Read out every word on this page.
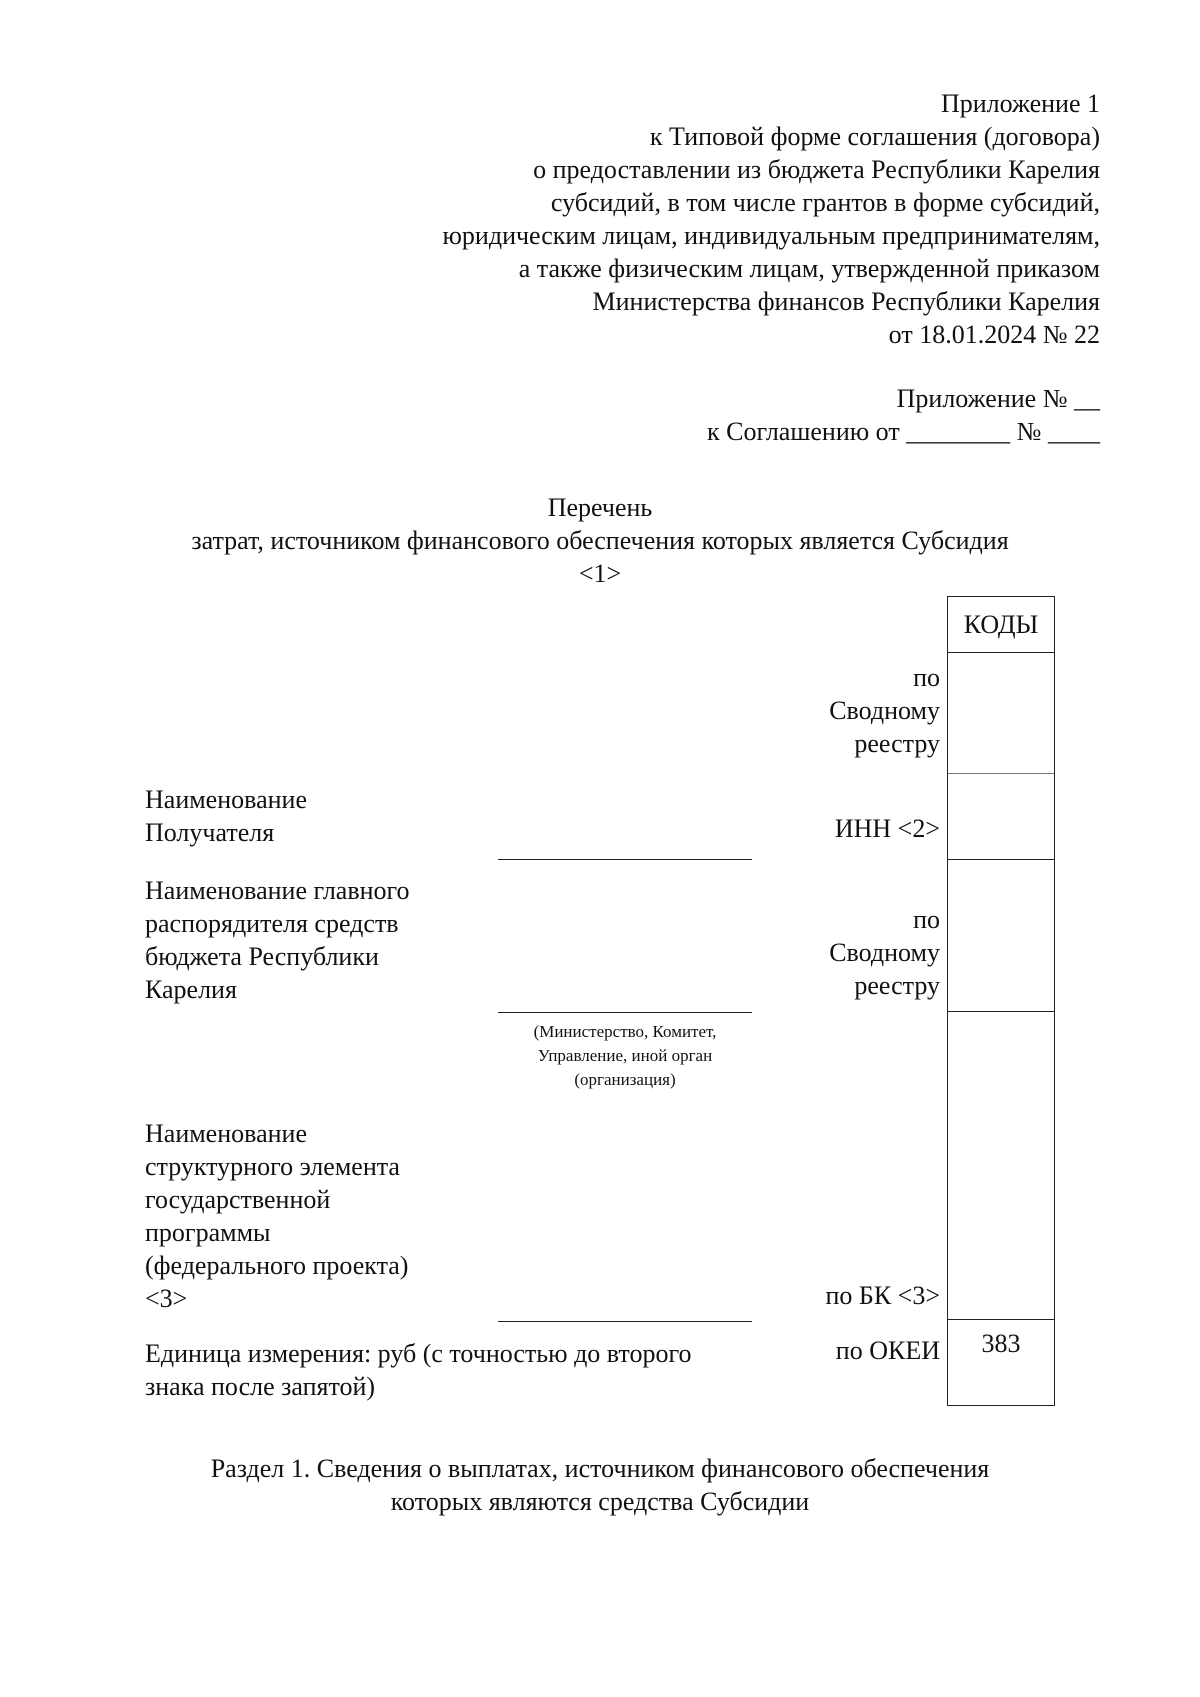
Приложение 1
к Типовой форме соглашения (договора)
о предоставлении из бюджета Республики Карелия
субсидий, в том числе грантов в форме субсидий,
юридическим лицам, индивидуальным предпринимателям,
а также физическим лицам, утвержденной приказом
Министерства финансов Республики Карелия
от 18.01.2024 № 22
Приложение № __
к Соглашению от ________ № ____
Перечень
затрат, источником финансового обеспечения которых является Субсидия
<1>
КОДЫ
383
по
Сводному
реестру
ИНН <2>
по
Сводному
реестру
по БК <3>
по ОКЕИ
Наименование
Получателя
Наименование главного
распорядителя средств
бюджета Республики
Карелия
Наименование
структурного элемента
государственной
программы
(федерального проекта)
<3>
Единица измерения: руб (с точностью до второго
знака после запятой)
(Министерство, Комитет,
Управление, иной орган
(организация)
Раздел 1. Сведения о выплатах, источником финансового обеспечения
которых являются средства Субсидии
